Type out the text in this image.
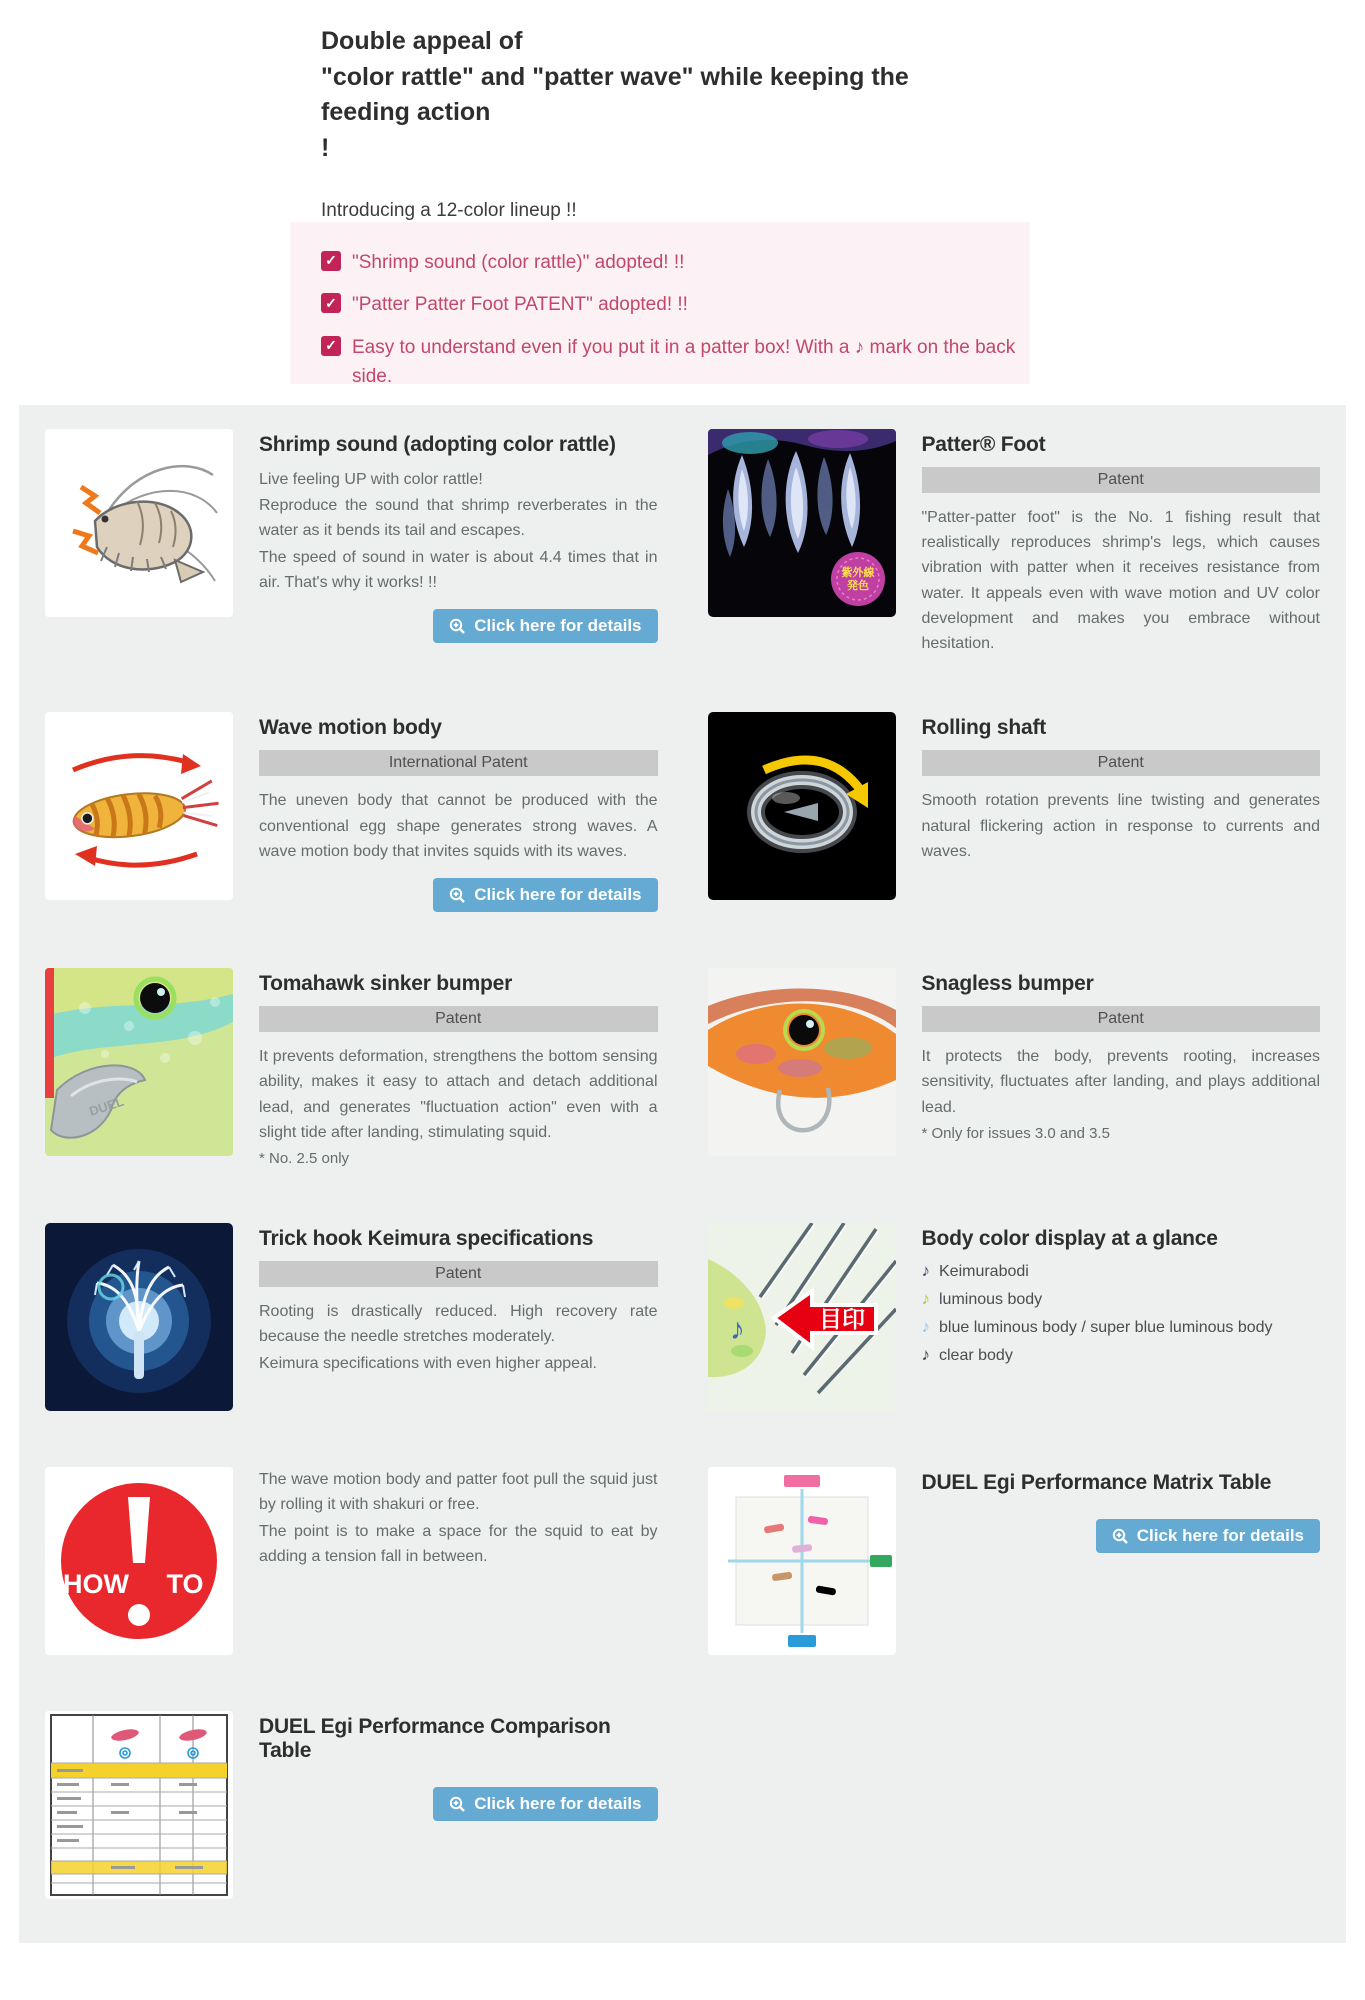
Double appeal of
"color rattle" and "patter wave" while keeping the feeding action
!
Introducing a 12-color lineup !!
✓ "Shrimp sound (color rattle)" adopted! !!
✓ "Patter Patter Foot PATENT" adopted! !!
✓ Easy to understand even if you put it in a patter box! With a ♪ mark on the back side.
Shrimp sound (adopting color rattle)

Live feeling UP with color rattle!

Reproduce the sound that shrimp reverberates in the water as it bends its tail and escapes.

The speed of sound in water is about 4.4 times that in air. That's why it works! !!

Click here for details
紫外線
発色
Patter® Foot
Patent

"Patter-patter foot" is the No. 1 fishing result that realistically reproduces shrimp's legs, which causes vibration with patter when it receives resistance from water. It appeals even with wave motion and UV color development and makes you embrace without hesitation.

Wave motion body
International Patent

The uneven body that cannot be produced with the conventional egg shape generates strong waves. A wave motion body that invites squids with its waves.

Click here for details
Rolling shaft
Patent

Smooth rotation prevents line twisting and generates natural flickering action in response to currents and waves.

DUEL
Tomahawk sinker bumper
Patent

It prevents deformation, strengthens the bottom sensing ability, makes it easy to attach and detach additional lead, and generates "fluctuation action" even with a slight tide after landing, stimulating squid.

* No. 2.5 only
Snagless bumper
Patent

It protects the body, prevents rooting, increases sensitivity, fluctuates after landing, and plays additional lead.

* Only for issues 3.0 and 3.5
Trick hook Keimura specifications
Patent

Rooting is drastically reduced. High recovery rate because the needle stretches moderately.

Keimura specifications with even higher appeal.

♪	目印
Body color display at a glance
♪ Keimurabodi
♪ luminous body
♪ blue luminous body / super blue luminous body
♪ clear body
HOW TO

The wave motion body and patter foot pull the squid just by rolling it with shakuri or free.

The point is to make a space for the squid to eat by adding a tension fall in between.

DUEL Egi Performance Matrix Table
Click here for details
DUEL Egi Performance Comparison Table
Click here for details
